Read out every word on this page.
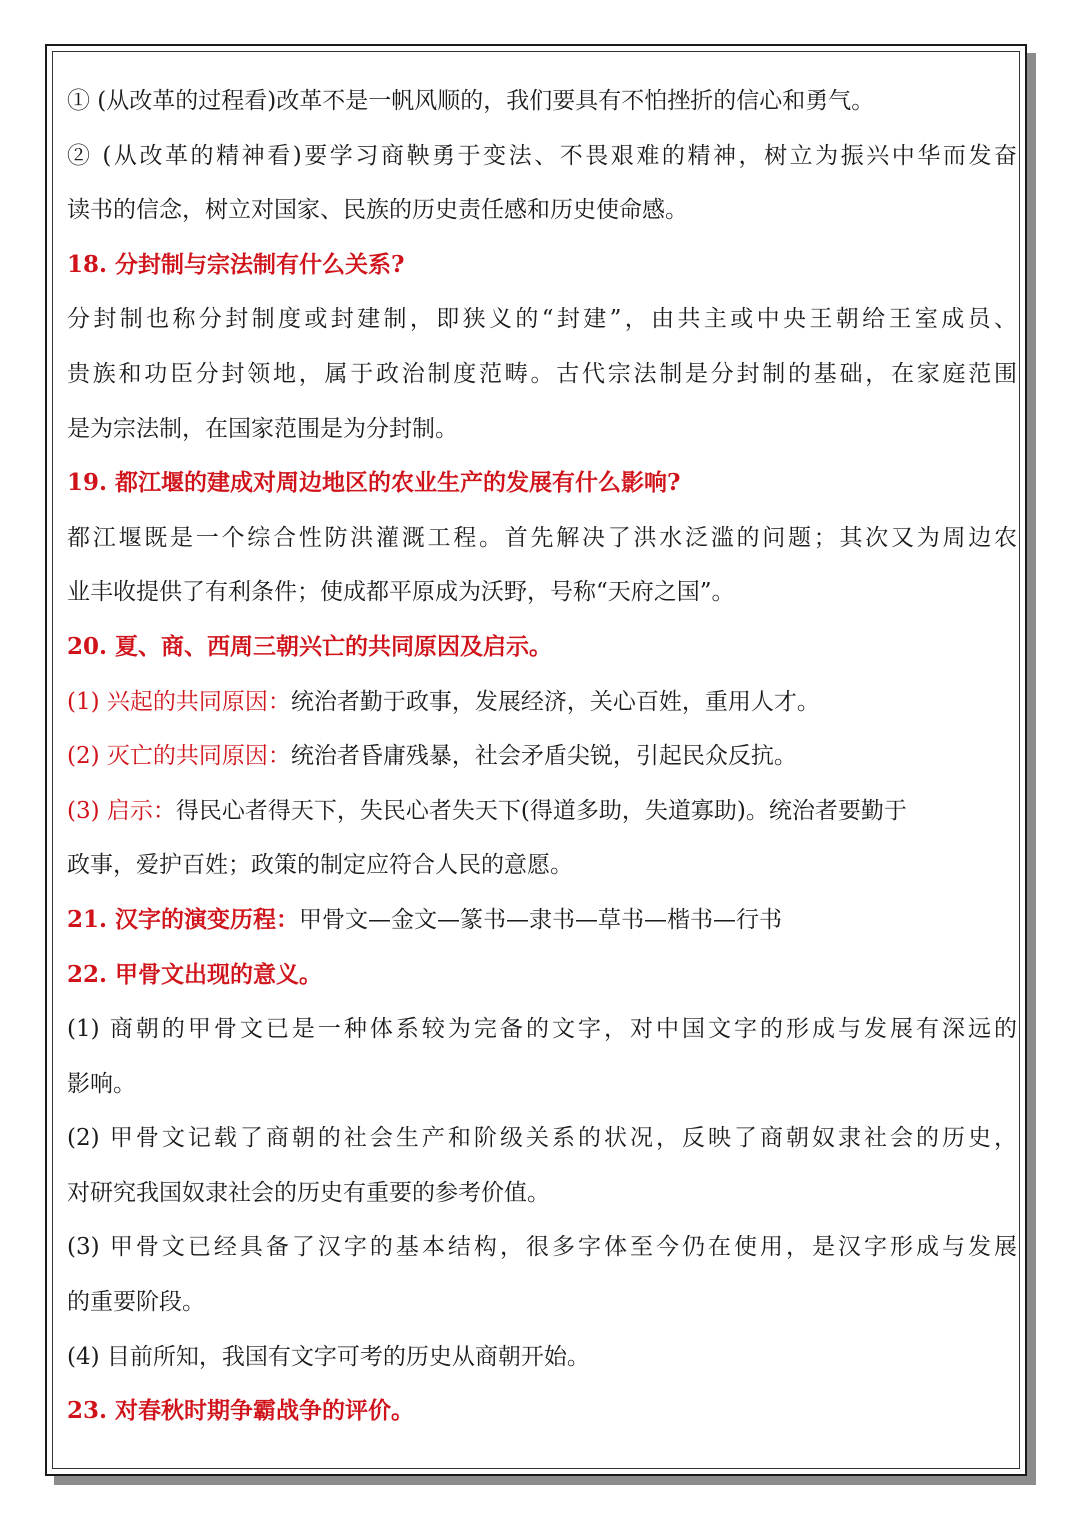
① (从改革的过程看)改革不是一帆风顺的，我们要具有不怕挫折的信心和勇气。
② (从改革的精神看)要学习商鞅勇于变法、不畏艰难的精神，树立为振兴中华而发奋
读书的信念，树立对国家、民族的历史责任感和历史使命感。
18. 分封制与宗法制有什么关系?
分封制也称分封制度或封建制，即狭义的“封建”，由共主或中央王朝给王室成员、
贵族和功臣分封领地，属于政治制度范畴。古代宗法制是分封制的基础，在家庭范围
是为宗法制，在国家范围是为分封制。
19. 都江堰的建成对周边地区的农业生产的发展有什么影响?
都江堰既是一个综合性防洪灌溉工程。首先解决了洪水泛滥的问题；其次又为周边农
业丰收提供了有利条件；使成都平原成为沃野，号称“天府之国”。
20. 夏、商、西周三朝兴亡的共同原因及启示。
(1) 兴起的共同原因：统治者勤于政事，发展经济，关心百姓，重用人才。
(2) 灭亡的共同原因：统治者昏庸残暴，社会矛盾尖锐，引起民众反抗。
(3) 启示：得民心者得天下，失民心者失天下(得道多助，失道寡助)。统治者要勤于
政事，爱护百姓；政策的制定应符合人民的意愿。
21. 汉字的演变历程：甲骨文—金文—篆书—隶书—草书—楷书—行书
22. 甲骨文出现的意义。
(1) 商朝的甲骨文已是一种体系较为完备的文字，对中国文字的形成与发展有深远的
影响。
(2) 甲骨文记载了商朝的社会生产和阶级关系的状况，反映了商朝奴隶社会的历史，
对研究我国奴隶社会的历史有重要的参考价值。
(3) 甲骨文已经具备了汉字的基本结构，很多字体至今仍在使用，是汉字形成与发展
的重要阶段。
(4) 目前所知，我国有文字可考的历史从商朝开始。
23. 对春秋时期争霸战争的评价。
